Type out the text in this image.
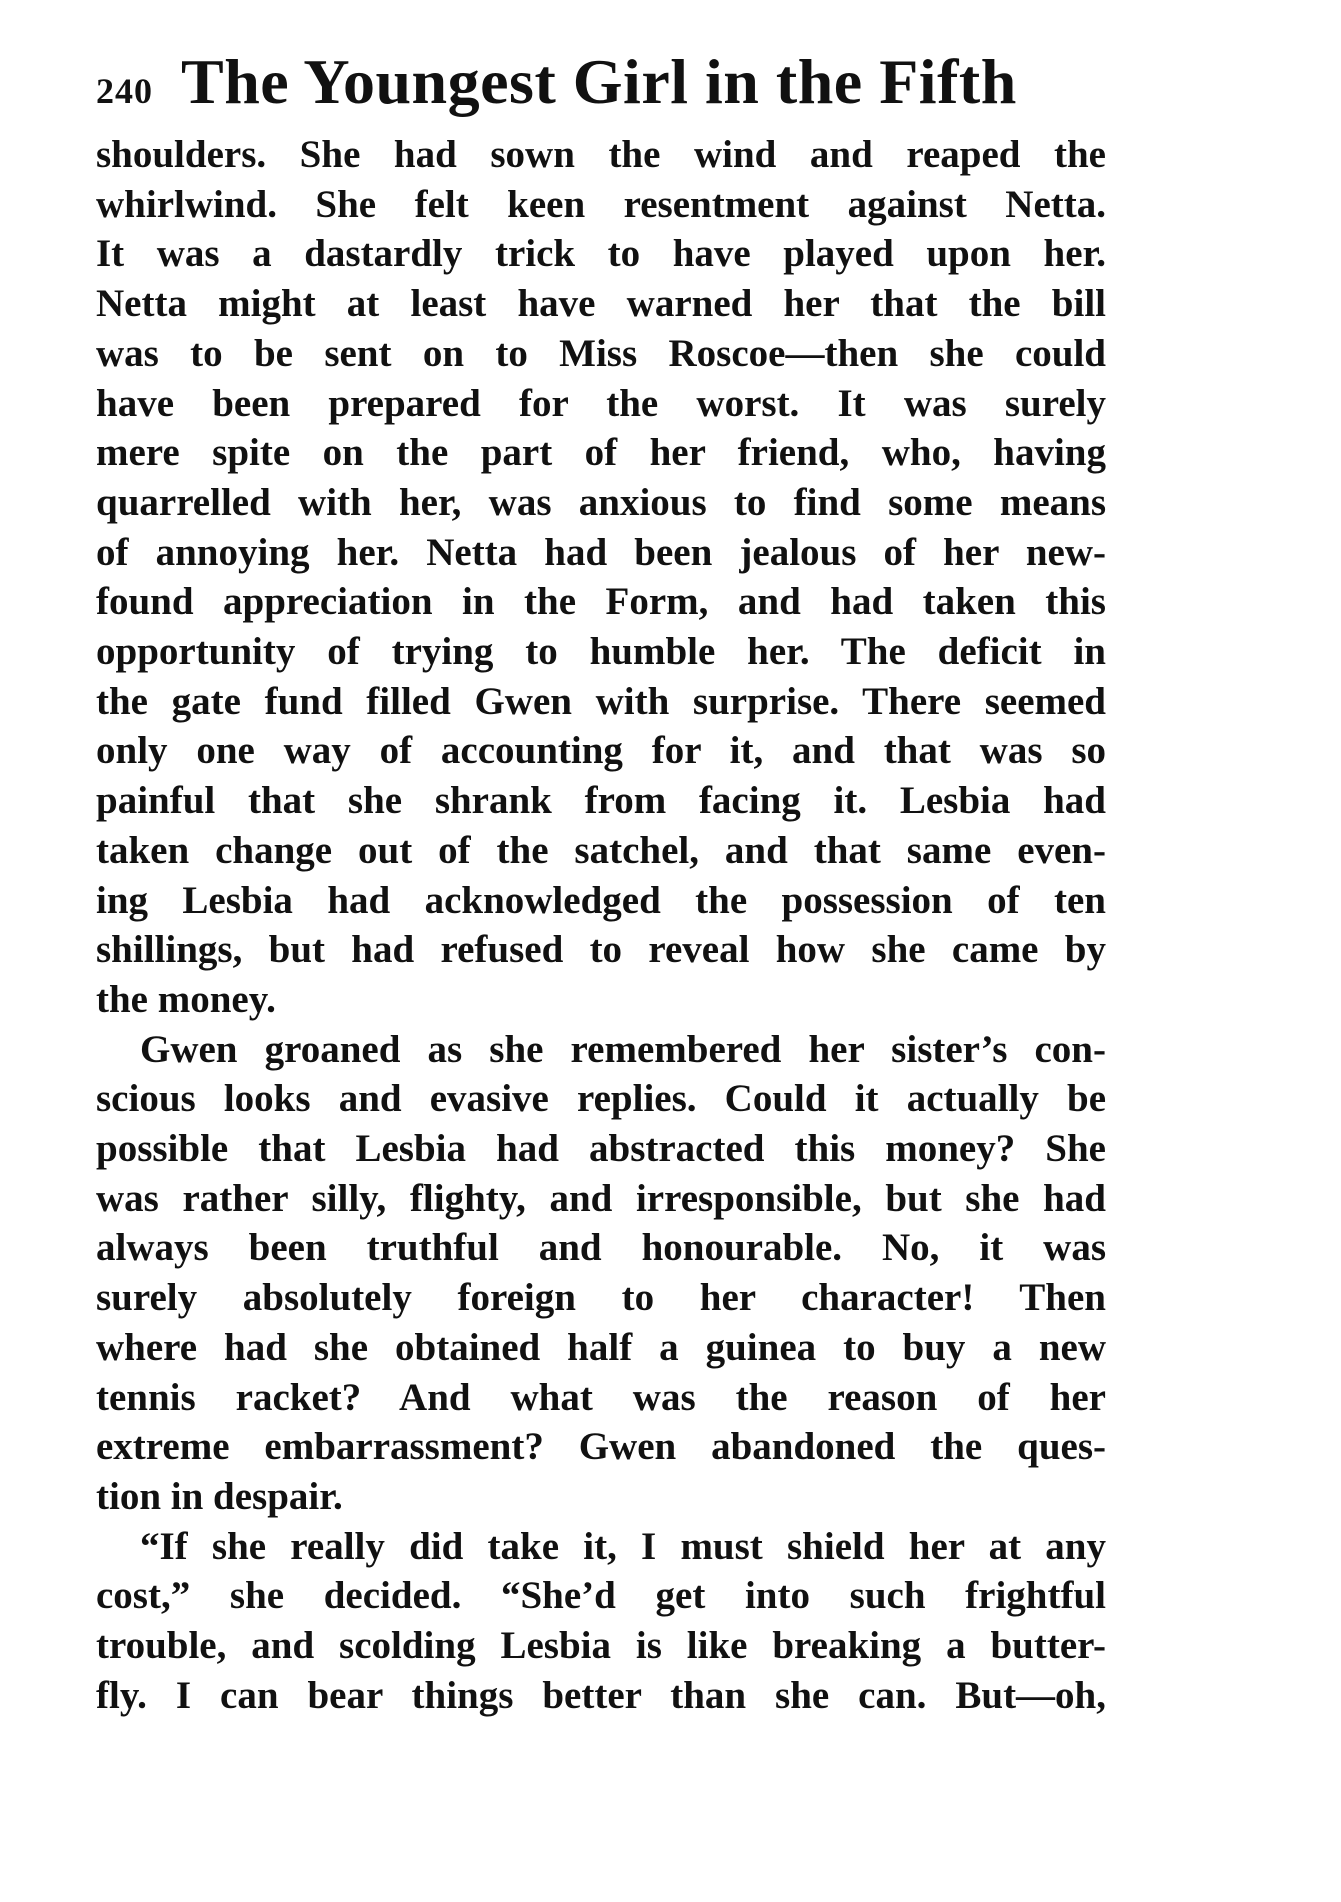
240 The Youngest Girl in the Fifth

shoulders. She had sown the wind and reaped the
whirlwind. She felt keen resentment against Netta.
It was a dastardly trick to have played upon her.
Netta might at least have warned her that the bill
was to be sent on to Miss Roscoe—then she could
have been prepared for the worst. It was surely
mere spite on the part of her friend, who, having
quarrelled with her, was anxious to find some means
of annoying her. Netta had been jealous of her new-
found appreciation in the Form, and had taken this
opportunity of trying to humble her. The deficit in
the gate fund filled Gwen with surprise. There seemed
only one way of accounting for it, and that was so
painful that she shrank from facing it. Lesbia had
taken change out of the satchel, and that same even-
ing Lesbia had acknowledged the possession of ten
shillings, but had refused to reveal how she came by
the money.

Gwen groaned as she remembered her sister’s con-
scious looks and evasive replies. Could it actually be
possible that Lesbia had abstracted this money? She
was rather silly, flighty, and irresponsible, but she had
always been truthful and honourable. No, it was
surely absolutely foreign to her character! Then
where had she obtained half a guinea to buy a new
tennis racket? And what was the reason of her
extreme embarrassment? Gwen abandoned the ques-
tion in despair.

“If she really did take it, I must shield her at any
cost,” she decided. “She’d get into such frightful
trouble, and scolding Lesbia is like breaking a butter-
fly. I can bear things better than she can. But—oh,
